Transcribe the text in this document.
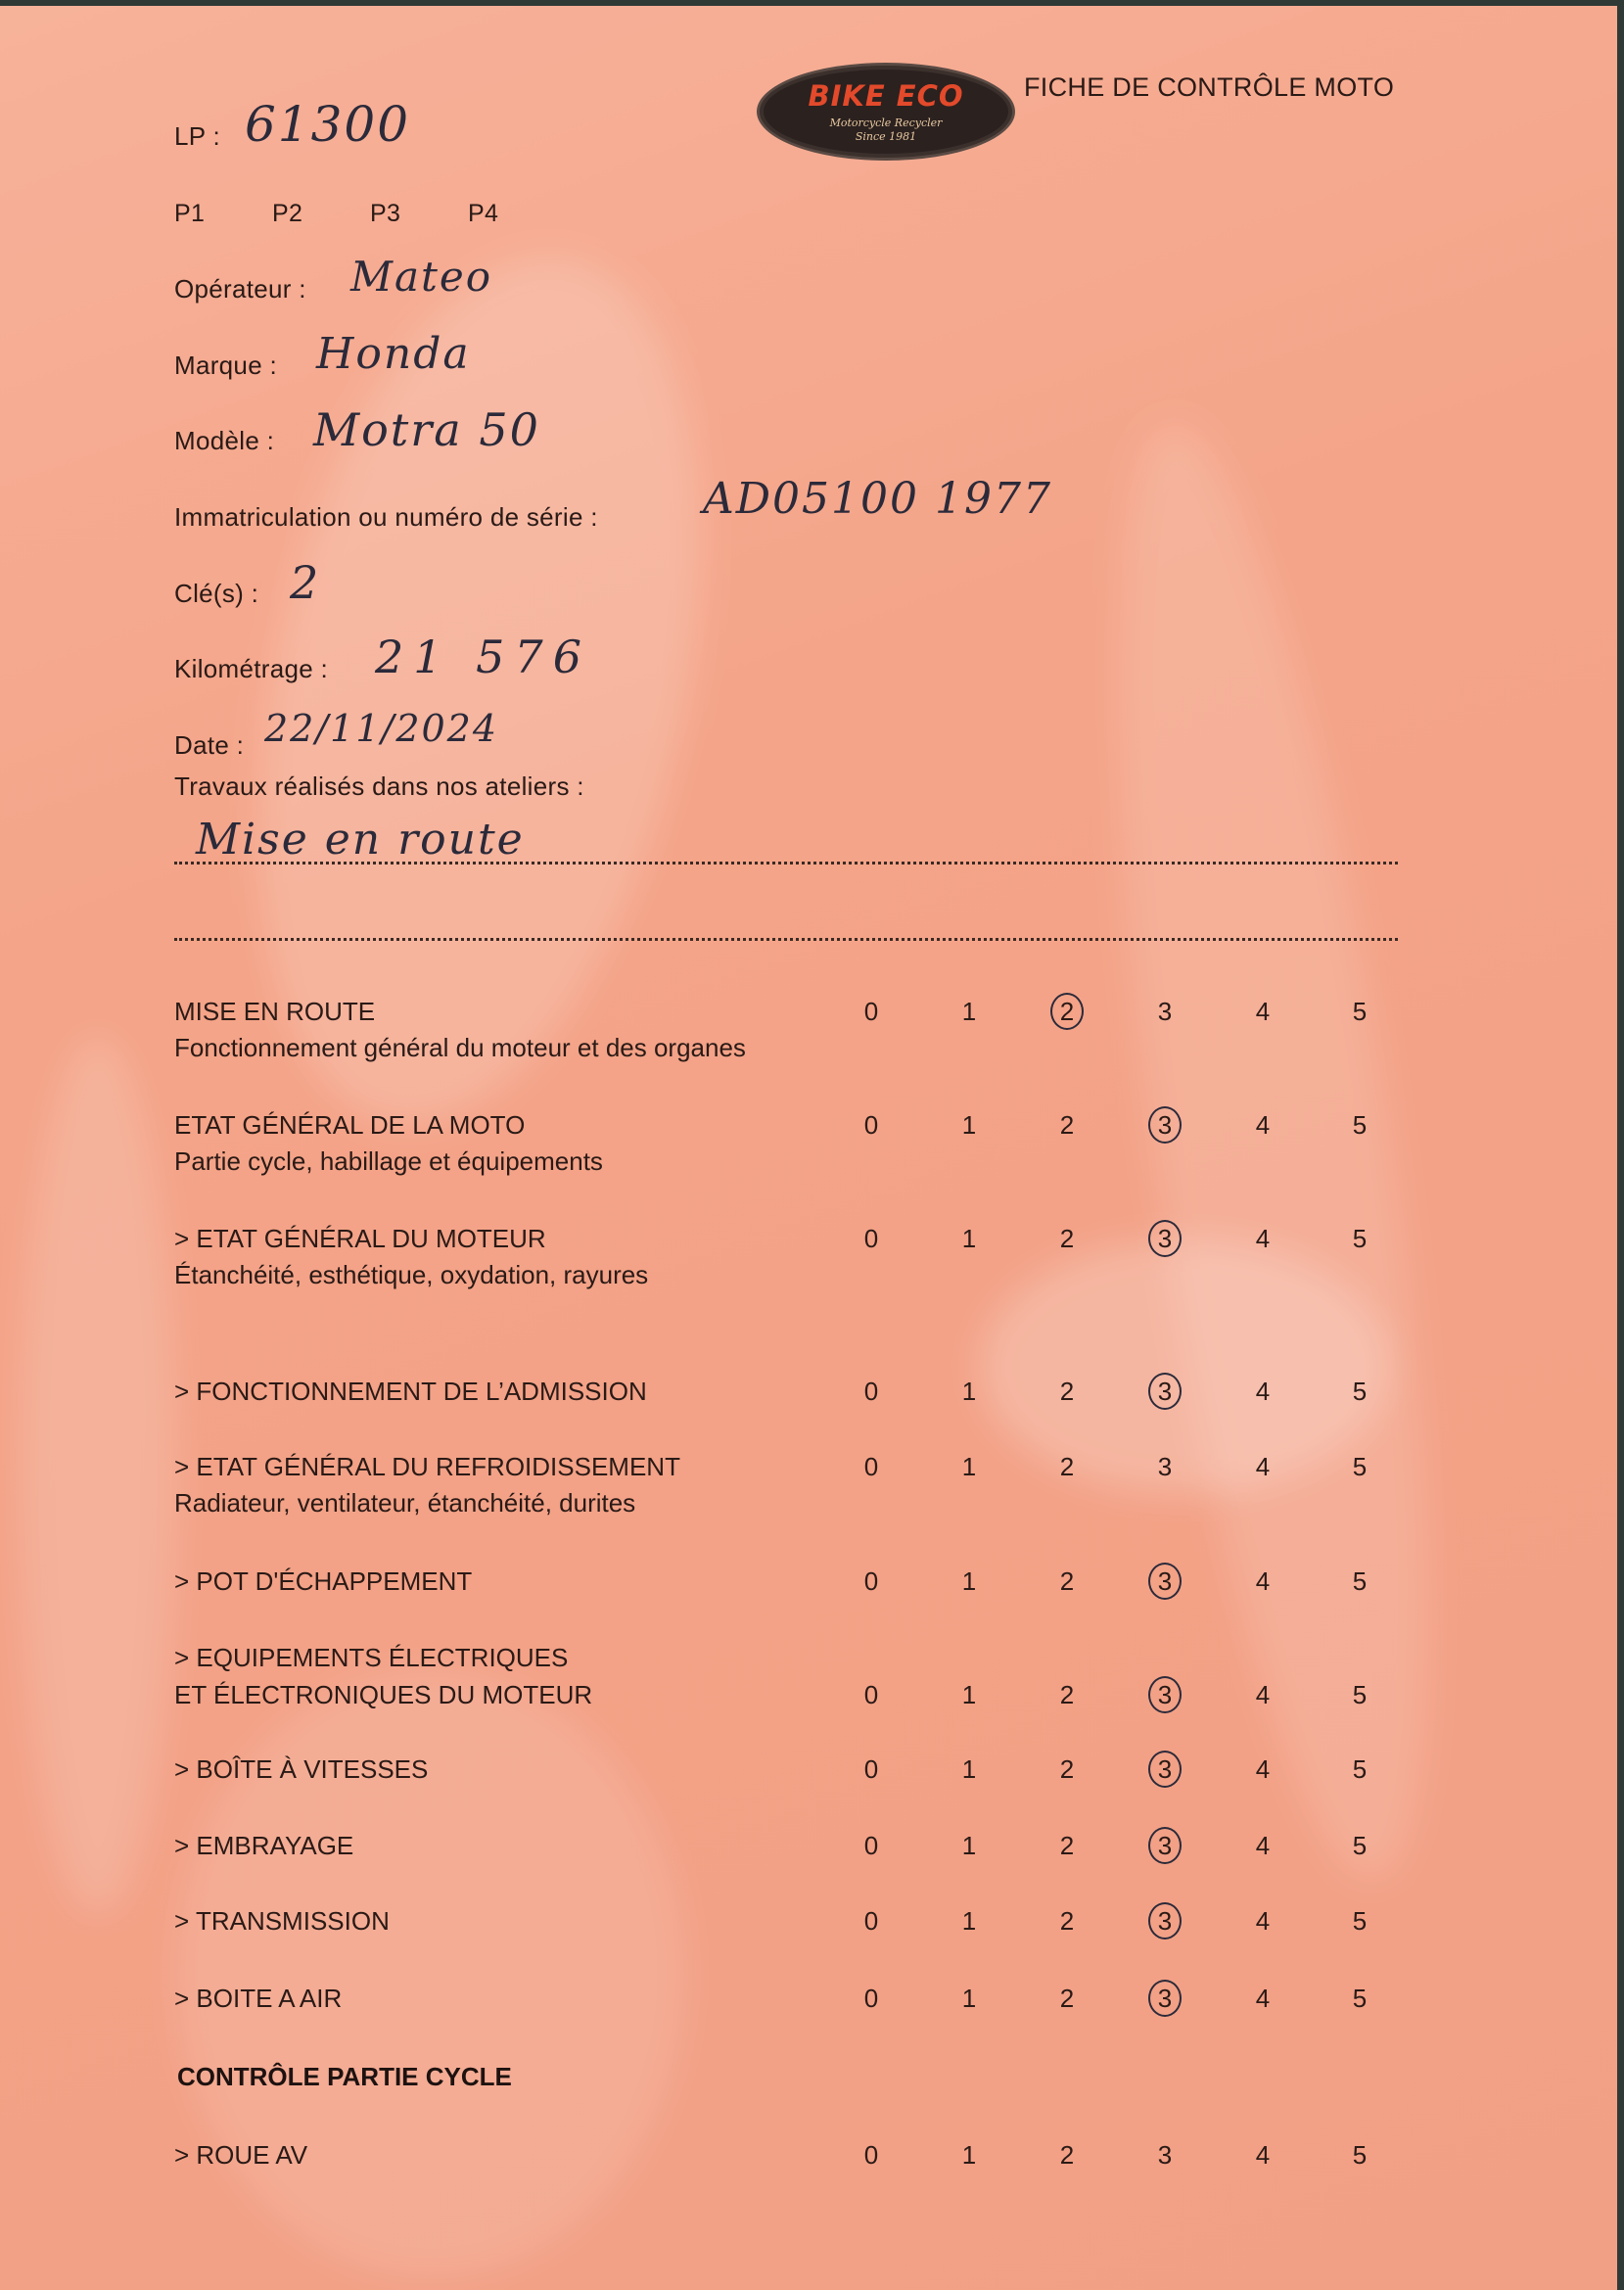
BIKE ECO
Motorcycle Recycler
Since 1981
FICHE DE CONTRÔLE MOTO
LP : 61300
P1	P2	P3	P4
Opérateur : Mateo
Marque : Honda
Modèle : Motra 50
Immatriculation ou numéro de série : AD05100 1977
Clé(s) : 2
Kilométrage : 21 576
Date : 22/11/2024
Travaux réalisés dans nos ateliers :
Mise en route
MISE EN ROUTE
Fonctionnement général du moteur et des organes
0	1	2	3	4	5
ETAT GÉNÉRAL DE LA MOTO
Partie cycle, habillage et équipements
0	1	2	3	4	5
> ETAT GÉNÉRAL DU MOTEUR
Étanchéité, esthétique, oxydation, rayures
0	1	2	3	4	5
> FONCTIONNEMENT DE L’ADMISSION	0	1	2	3	4	5
> ETAT GÉNÉRAL DU REFROIDISSEMENT
Radiateur, ventilateur, étanchéité, durites
0	1	2	3	4	5
> POT D'ÉCHAPPEMENT	0	1	2	3	4	5
> EQUIPEMENTS ÉLECTRIQUES
ET ÉLECTRONIQUES DU MOTEUR	0	1	2	3	4	5
> BOÎTE À VITESSES	0	1	2	3	4	5
> EMBRAYAGE	0	1	2	3	4	5
> TRANSMISSION	0	1	2	3	4	5
> BOITE A AIR	0	1	2	3	4	5
> ROUE AV	0	1	2	3	4	5
CONTRÔLE PARTIE CYCLE
